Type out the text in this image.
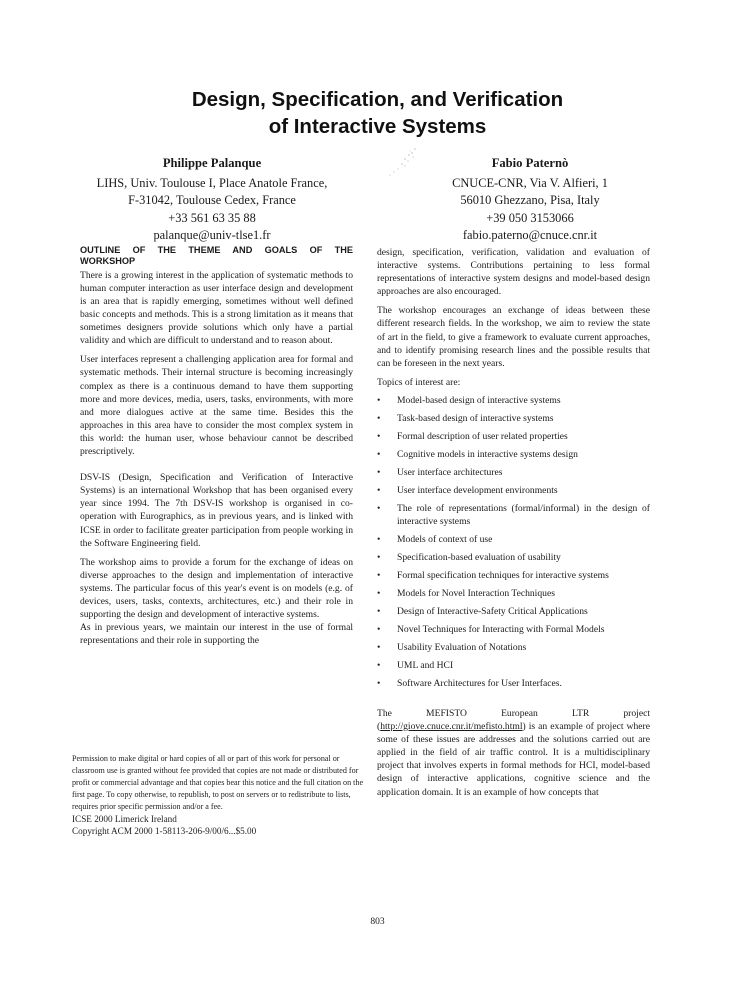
Design, Specification, and Verification
of Interactive Systems
Philippe Palanque
LIHS, Univ. Toulouse I, Place Anatole France,
F-31042, Toulouse Cedex, France
+33 561 63 35 88
palanque@univ-tlse1.fr
Fabio Paternò
CNUCE-CNR, Via V. Alfieri, 1
56010 Ghezzano, Pisa, Italy
+39 050 3153066
fabio.paterno@cnuce.cnr.it
OUTLINE OF THE THEME AND GOALS OF THE
WORKSHOP

There is a growing interest in the application of systematic methods to human computer interaction as user interface design and development is an area that is rapidly emerging, sometimes without well defined basic concepts and methods. This is a strong limitation as it means that sometimes designers provide solutions which only have a partial validity and which are difficult to understand and to reason about.

User interfaces represent a challenging application area for formal and systematic methods. Their internal structure is becoming increasingly complex as there is a continuous demand to have them supporting more and more devices, media, users, tasks, environments, with more and more dialogues active at the same time. Besides this the approaches in this area have to consider the most complex system in this world: the human user, whose behaviour cannot be described prescriptively.

DSV-IS (Design, Specification and Verification of Interactive Systems) is an international Workshop that has been organised every year since 1994. The 7th DSV-IS workshop is organised in co-operation with Eurographics, as in previous years, and is linked with ICSE in order to facilitate greater participation from people working in the Software Engineering field.

The workshop aims to provide a forum for the exchange of ideas on diverse approaches to the design and implementation of interactive systems. The particular focus of this year's event is on models (e.g. of devices, users, tasks, contexts, architectures, etc.) and their role in supporting the design and development of interactive systems.

As in previous years, we maintain our interest in the use of formal representations and their role in supporting the

design, specification, verification, validation and evaluation of interactive systems. Contributions pertaining to less formal representations of interactive system designs and model-based design approaches are also encouraged.

The workshop encourages an exchange of ideas between these different research fields. In the workshop, we aim to review the state of art in the field, to give a framework to evaluate current approaches, and to identify promising research lines and the possible results that can be foreseen in the next years.

Topics of interest are:

• Model-based design of interactive systems
• Task-based design of interactive systems
• Formal description of user related properties
• Cognitive models in interactive systems design
• User interface architectures
• User interface development environments
• The role of representations (formal/informal) in the design of interactive systems
• Models of context of use
• Specification-based evaluation of usability
• Formal specification techniques for interactive systems
• Models for Novel Interaction Techniques
• Design of Interactive-Safety Critical Applications
• Novel Techniques for Interacting with Formal Models
• Usability Evaluation of Notations
• UML and HCI
• Software Architectures for User Interfaces.

The MEFISTO European LTR project (http://giove.cnuce.cnr.it/mefisto.html) is an example of project where some of these issues are addresses and the solutions carried out are applied in the field of air traffic control. It is a multidisciplinary project that involves experts in formal methods for HCI, model-based design of interactive applications, cognitive science and the application domain. It is an example of how concepts that

Permission to make digital or hard copies of all or part of this work for personal or classroom use is granted without fee provided that copies are not made or distributed for profit or commercial advantage and that copies bear this notice and the full citation on the first page. To copy otherwise, to republish, to post on servers or to redistribute to lists, requires prior specific permission and/or a fee.
ICSE 2000 Limerick Ireland
Copyright ACM 2000 1-58113-206-9/00/6...$5.00
803
